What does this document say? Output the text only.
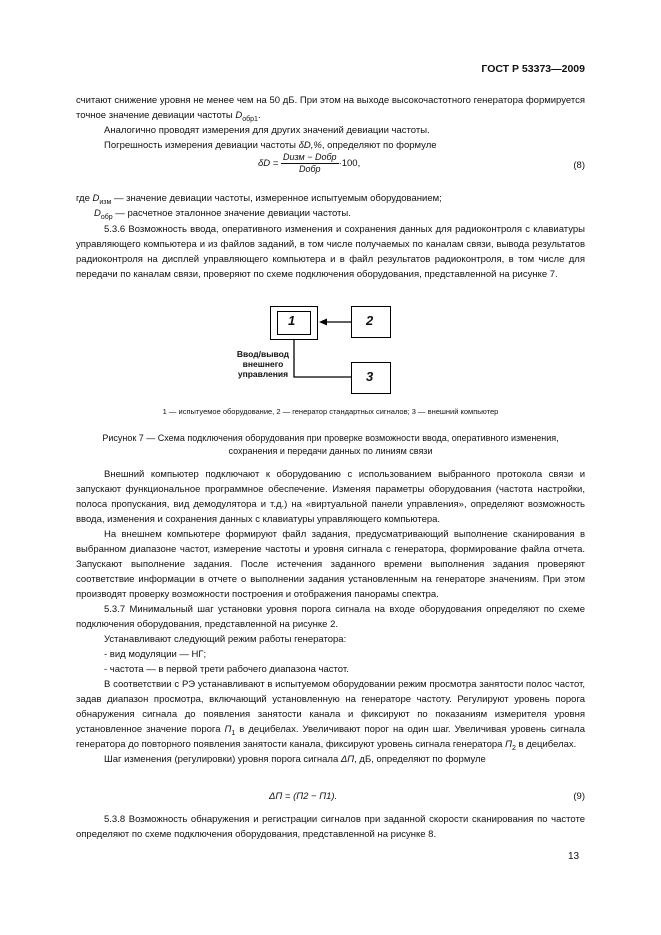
ГОСТ Р 53373—2009

считают снижение уровня не менее чем на 50 дБ. При этом на выходе высокочастотного генератора формируется точное значение девиации частоты $D_{обр1}$.

Аналогично проводят измерения для других значений девиации частоты.

Погрешность измерения девиации частоты δD,%, определяют по формуле

$\delta D = \frac{\text{Dизм − Dобр}}{\text{Dобр}} \cdot 100$,	(8)

где $D_{изм}$ — значение девиации частоты, измеренное испытуемым оборудованием;

$D_{обр}$ — расчетное эталонное значение девиации частоты.

5.3.6 Возможность ввода, оперативного изменения и сохранения данных для радиоконтроля с клавиатуры управляющего компьютера и из файлов заданий, в том числе получаемых по каналам связи, вывода результатов радиоконтроля на дисплей управляющего компьютера и в файл результатов радиоконтроля, в том числе для передачи по каналам связи, проверяют по схеме подключения оборудования, представленной на рисунке 7.

1	2
3
Ввод/вывод внешнего управления
1 — испытуемое оборудование, 2 — генератор стандартных сигналов; 3 — внешний компьютер
Рисунок 7 — Схема подключения оборудования при проверке возможности ввода, оперативного изменения, сохранения и передачи данных по линиям связи

Внешний компьютер подключают к оборудованию с использованием выбранного протокола связи и запускают функциональное программное обеспечение. Изменяя параметры оборудования (частота настройки, полоса пропускания, вид демодулятора и т.д.) на «виртуальной панели управления», определяют возможность ввода, изменения и сохранения данных с клавиатуры управляющего компьютера.

На внешнем компьютере формируют файл задания, предусматривающий выполнение сканирования в выбранном диапазоне частот, измерение частоты и уровня сигнала с генератора, формирование файла отчета. Запускают выполнение задания. После истечения заданного времени выполнения задания проверяют соответствие информации в отчете о выполнении задания установленным на генераторе значениям. При этом производят проверку возможности построения и отображения панорамы спектра.

5.3.7 Минимальный шаг установки уровня порога сигнала на входе оборудования определяют по схеме подключения оборудования, представленной на рисунке 2.

Устанавливают следующий режим работы генератора:

- вид модуляции — НГ;

- частота — в первой трети рабочего диапазона частот.

В соответствии с РЭ устанавливают в испытуемом оборудовании режим просмотра занятости полос частот, задав диапазон просмотра, включающий установленную на генераторе частоту. Регулируют уровень порога обнаружения сигнала до появления занятости канала и фиксируют по показаниям измерителя уровня установленное значение порога $П_1$ в децибелах. Увеличивают порог на один шаг. Увеличивая уровень сигнала генератора до повторного появления занятости канала, фиксируют уровень сигнала генератора $П_2$ в децибелах.

Шаг изменения (регулировки) уровня порога сигнала ΔП, дБ, определяют по формуле

ΔП = (П2 − П1).	(9)

5.3.8 Возможность обнаружения и регистрации сигналов при заданной скорости сканирования по частоте определяют по схеме подключения оборудования, представленной на рисунке 8.

13
